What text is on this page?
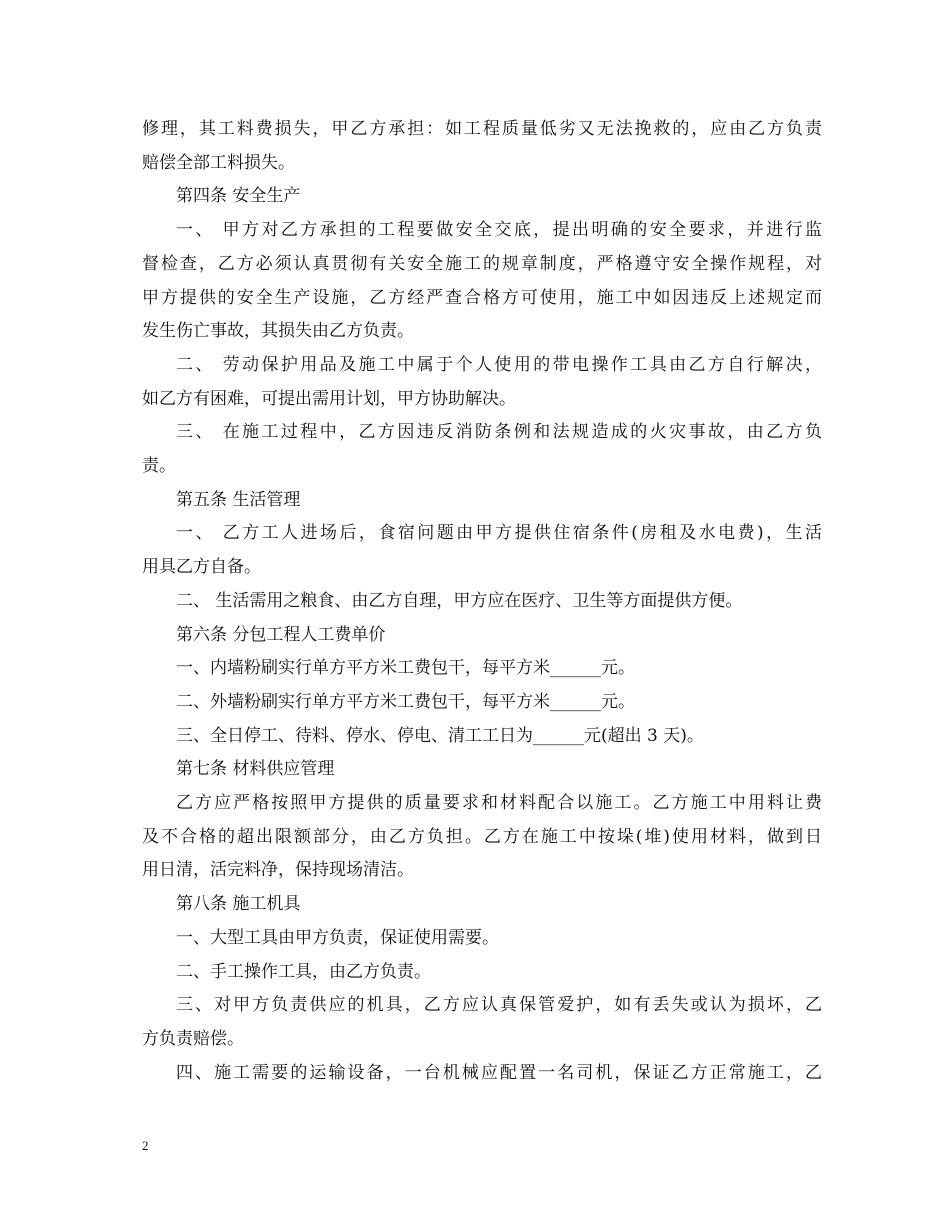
修理，其工料费损失，甲乙方承担：如工程质量低劣又无法挽救的，应由乙方负责
赔偿全部工料损失。
第四条 安全生产
一、 甲方对乙方承担的工程要做安全交底，提出明确的安全要求，并进行监
督检查，乙方必须认真贯彻有关安全施工的规章制度，严格遵守安全操作规程，对
甲方提供的安全生产设施，乙方经严查合格方可使用，施工中如因违反上述规定而
发生伤亡事故，其损失由乙方负责。
二、 劳动保护用品及施工中属于个人使用的带电操作工具由乙方自行解决，
如乙方有困难，可提出需用计划，甲方协助解决。
三、 在施工过程中，乙方因违反消防条例和法规造成的火灾事故，由乙方负
责。
第五条 生活管理
一、 乙方工人进场后，食宿问题由甲方提供住宿条件(房租及水电费)，生活
用具乙方自备。
二、 生活需用之粮食、由乙方自理，甲方应在医疗、卫生等方面提供方便。
第六条 分包工程人工费单价
一、内墙粉刷实行单方平方米工费包干，每平方米______元。
二、外墙粉刷实行单方平方米工费包干，每平方米______元。
三、全日停工、待料、停水、停电、清工工日为______元(超出 3 天)。
第七条 材料供应管理
乙方应严格按照甲方提供的质量要求和材料配合以施工。乙方施工中用料让费
及不合格的超出限额部分，由乙方负担。乙方在施工中按垛(堆)使用材料，做到日
用日清，活完料净，保持现场清洁。
第八条 施工机具
一、大型工具由甲方负责，保证使用需要。
二、手工操作工具，由乙方负责。
三、对甲方负责供应的机具，乙方应认真保管爱护，如有丢失或认为损坏，乙
方负责赔偿。
四、施工需要的运输设备，一台机械应配置一名司机，保证乙方正常施工，乙
2
